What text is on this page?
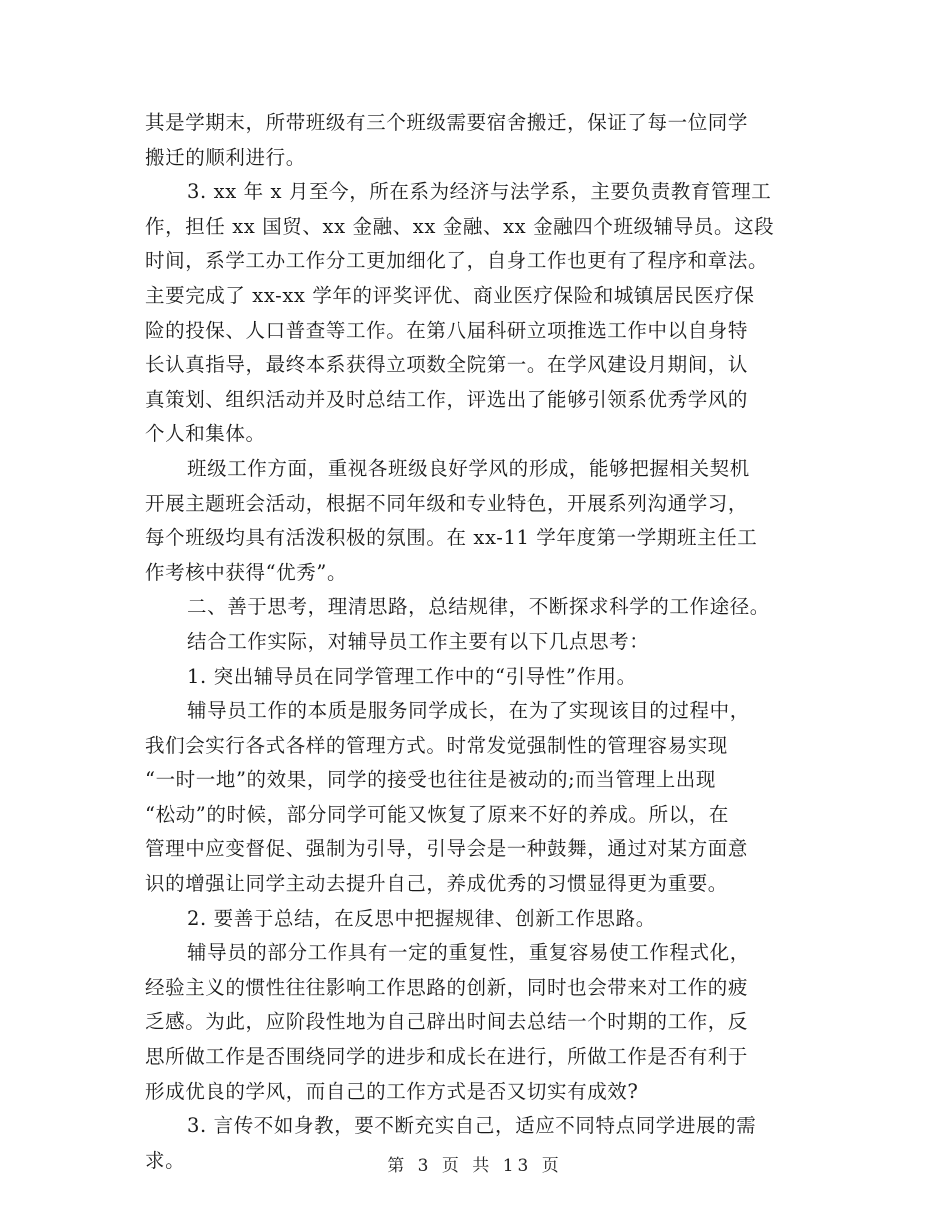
其是学期末，所带班级有三个班级需要宿舍搬迁，保证了每一位同学
搬迁的顺利进行。
3. xx 年 x 月至今，所在系为经济与法学系，主要负责教育管理工
作，担任 xx 国贸、xx 金融、xx 金融、xx 金融四个班级辅导员。这段
时间，系学工办工作分工更加细化了，自身工作也更有了程序和章法。
主要完成了 xx-xx 学年的评奖评优、商业医疗保险和城镇居民医疗保
险的投保、人口普查等工作。在第八届科研立项推选工作中以自身特
长认真指导，最终本系获得立项数全院第一。在学风建设月期间，认
真策划、组织活动并及时总结工作，评选出了能够引领系优秀学风的
个人和集体。
班级工作方面，重视各班级良好学风的形成，能够把握相关契机
开展主题班会活动，根据不同年级和专业特色，开展系列沟通学习，
每个班级均具有活泼积极的氛围。在 xx-11 学年度第一学期班主任工
作考核中获得“优秀”。
二、善于思考，理清思路，总结规律，不断探求科学的工作途径。
结合工作实际，对辅导员工作主要有以下几点思考：
1. 突出辅导员在同学管理工作中的“引导性”作用。
辅导员工作的本质是服务同学成长，在为了实现该目的过程中，
我们会实行各式各样的管理方式。时常发觉强制性的管理容易实现
“一时一地”的效果，同学的接受也往往是被动的;而当管理上出现
“松动”的时候，部分同学可能又恢复了原来不好的养成。所以，在
管理中应变督促、强制为引导，引导会是一种鼓舞，通过对某方面意
识的增强让同学主动去提升自己，养成优秀的习惯显得更为重要。
2. 要善于总结，在反思中把握规律、创新工作思路。
辅导员的部分工作具有一定的重复性，重复容易使工作程式化，
经验主义的惯性往往影响工作思路的创新，同时也会带来对工作的疲
乏感。为此，应阶段性地为自己辟出时间去总结一个时期的工作，反
思所做工作是否围绕同学的进步和成长在进行，所做工作是否有利于
形成优良的学风，而自己的工作方式是否又切实有成效?
3. 言传不如身教，要不断充实自己，适应不同特点同学进展的需
求。	第 3 页 共 13 页
